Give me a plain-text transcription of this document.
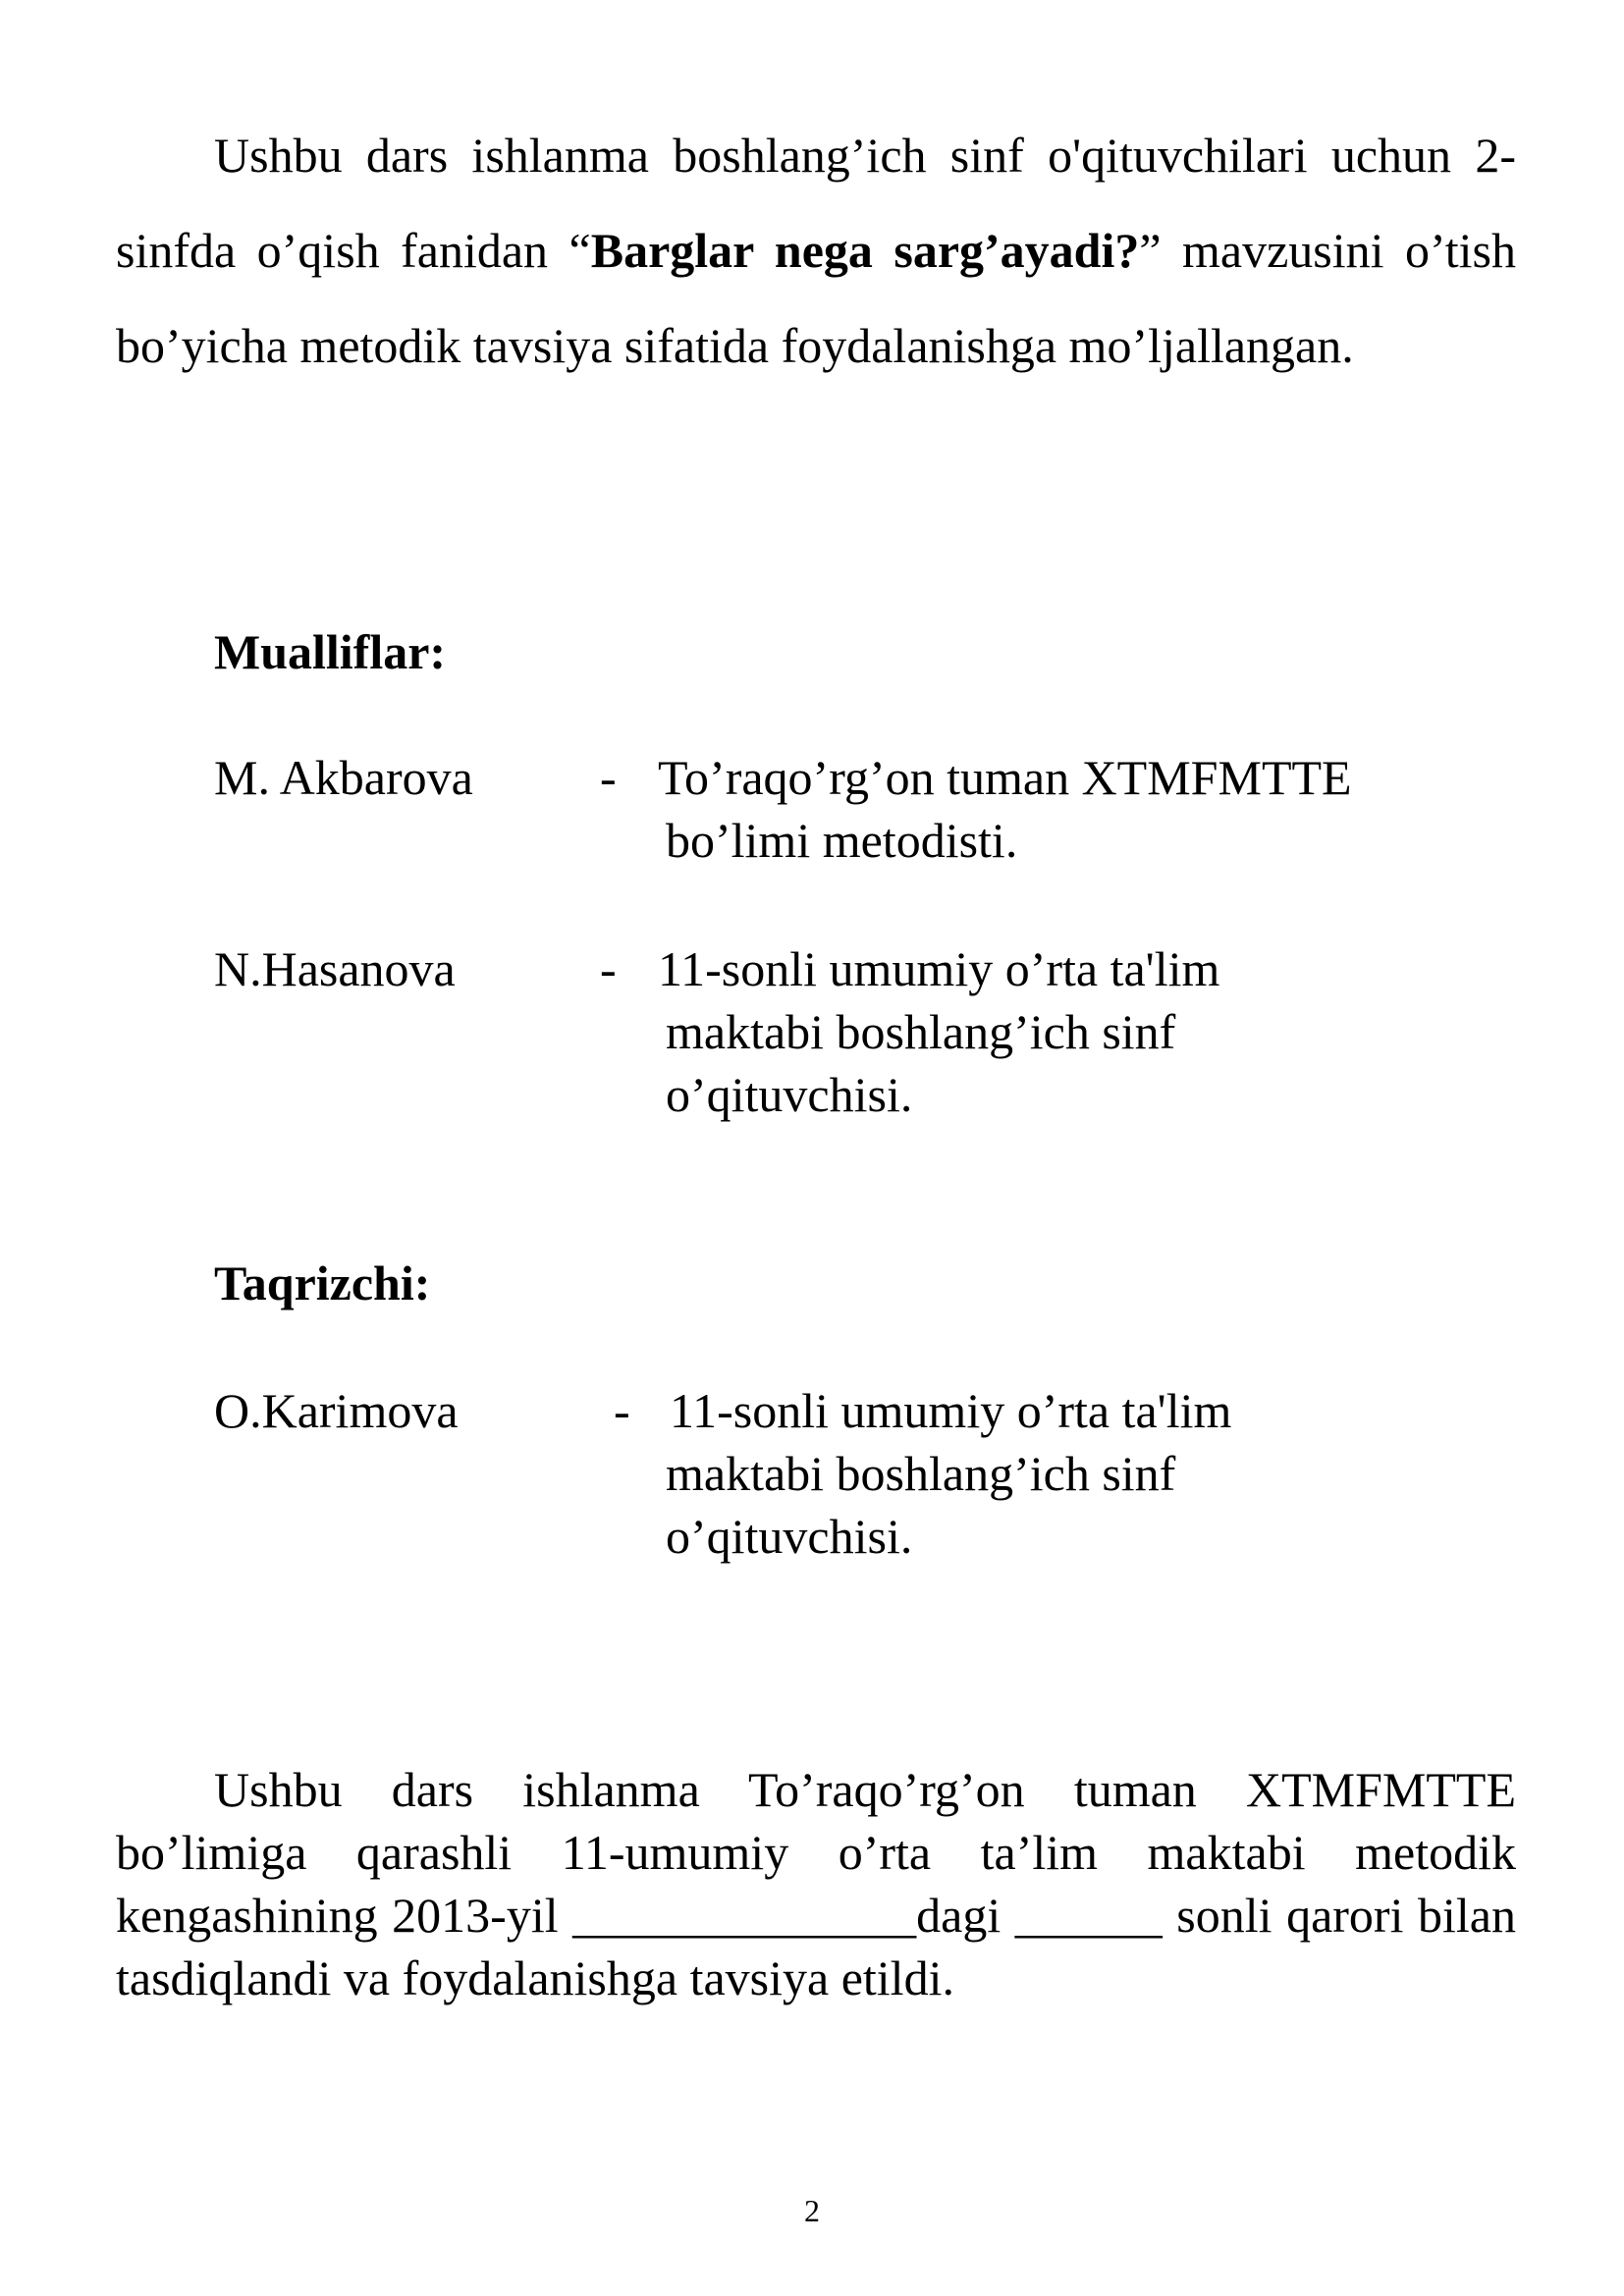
Ushbu dars ishlanma boshlang’ich sinf o'qituvchilari uchun 2-sinfda o’qish fanidan “Barglar nega sarg’ayadi?” mavzusini o’tish bo’yicha metodik tavsiya sifatida foydalanishga mo’ljallangan.

Mualliflar:
M. Akbarova	- To’raqo’rg’on tuman XTMFMTTE
bo’limi metodisti.
N.Hasanova	- 11-sonli umumiy o’rta ta'lim
maktabi boshlang’ich sinf
o’qituvchisi.
Taqrizchi:
O.Karimova	- 11-sonli umumiy o’rta ta'lim
maktabi boshlang’ich sinf
o’qituvchisi.

Ushbu dars ishlanma To’raqo’rg’on tuman XTMFMTTE bo’limiga qarashli 11-umumiy o’rta ta’lim maktabi metodik kengashining 2013-yil ______________dagi ______ sonli qarori bilan tasdiqlandi va foydalanishga tavsiya etildi.

2
